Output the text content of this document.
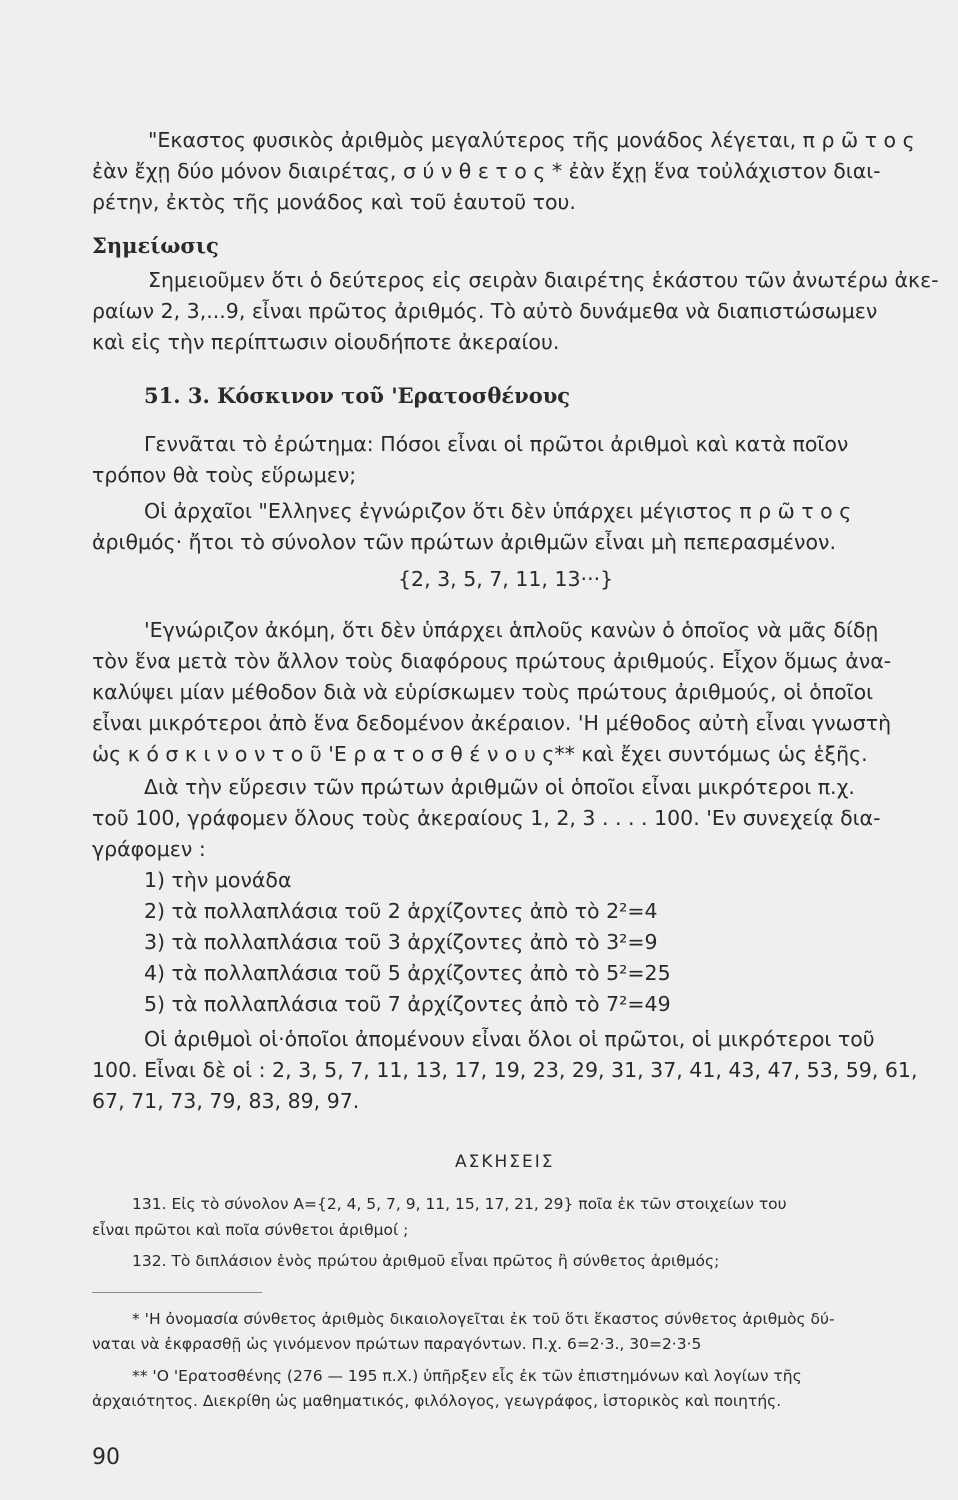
"Εκαστος φυσικὸς ἀριθμὸς μεγαλύτερος τῆς μονάδος λέγεται, π ρ ῶ τ ο ς
ἐὰν ἔχῃ δύο μόνον διαιρέτας, σ ύ ν θ ε τ ο ς * ἐὰν ἔχῃ ἕνα τοὐλάχιστον διαι-
ρέτην, ἐκτὸς τῆς μονάδος καὶ τοῦ ἑαυτοῦ του.
Σημείωσις
Σημειοῦμεν ὅτι ὁ δεύτερος εἰς σειρὰν διαιρέτης ἑκάστου τῶν ἀνωτέρω ἀκε-
ραίων 2, 3,...9, εἶναι πρῶτος ἀριθμός. Τὸ αὐτὸ δυνάμεθα νὰ διαπιστώσωμεν
καὶ εἰς τὴν περίπτωσιν οἱουδήποτε ἀκεραίου.
51. 3. Κόσκινον τοῦ 'Ερατοσθένους
Γεννᾶται τὸ ἐρώτημα: Πόσοι εἶναι οἱ πρῶτοι ἀριθμοὶ καὶ κατὰ ποῖον
τρόπον θὰ τοὺς εὕρωμεν;
Οἱ ἀρχαῖοι "Ελληνες ἐγνώριζον ὅτι δὲν ὑπάρχει μέγιστος π ρ ῶ τ ο ς
ἀριθμός· ἤτοι τὸ σύνολον τῶν πρώτων ἀριθμῶν εἶναι μὴ πεπερασμένον.
{2, 3, 5, 7, 11, 13···}
'Εγνώριζον ἀκόμη, ὅτι δὲν ὑπάρχει ἁπλοῦς κανὼν ὁ ὁποῖος νὰ μᾶς δίδῃ
τὸν ἕνα μετὰ τὸν ἄλλον τοὺς διαφόρους πρώτους ἀριθμούς. Εἶχον ὅμως ἀνα-
καλύψει μίαν μέθοδον διὰ νὰ εὑρίσκωμεν τοὺς πρώτους ἀριθμούς, οἱ ὁποῖοι
εἶναι μικρότεροι ἀπὸ ἕνα δεδομένον ἀκέραιον. 'Η μέθοδος αὐτὴ εἶναι γνωστὴ
ὡς κ ό σ κ ι ν ο ν τ ο ῦ 'Ε ρ α τ ο σ θ έ ν ο υ ς** καὶ ἔχει συντόμως ὡς ἑξῆς.
Διὰ τὴν εὕρεσιν τῶν πρώτων ἀριθμῶν οἱ ὁποῖοι εἶναι μικρότεροι π.χ.
τοῦ 100, γράφομεν ὅλους τοὺς ἀκεραίους 1, 2, 3 . . . . 100. 'Εν συνεχείᾳ δια-
γράφομεν :
1) τὴν μονάδα
2) τὰ πολλαπλάσια τοῦ 2 ἀρχίζοντες ἀπὸ τὸ 2²=4
3) τὰ πολλαπλάσια τοῦ 3 ἀρχίζοντες ἀπὸ τὸ 3²=9
4) τὰ πολλαπλάσια τοῦ 5 ἀρχίζοντες ἀπὸ τὸ 5²=25
5) τὰ πολλαπλάσια τοῦ 7 ἀρχίζοντες ἀπὸ τὸ 7²=49
Οἱ ἀριθμοὶ οἱ·ὁποῖοι ἀπομένουν εἶναι ὅλοι οἱ πρῶτοι, οἱ μικρότεροι τοῦ
100. Εἶναι δὲ οἱ : 2, 3, 5, 7, 11, 13, 17, 19, 23, 29, 31, 37, 41, 43, 47, 53, 59, 61,
67, 71, 73, 79, 83, 89, 97.
ΑΣΚΗΣΕΙΣ
131. Εἰς τὸ σύνολον A={2, 4, 5, 7, 9, 11, 15, 17, 21, 29} ποῖα ἐκ τῶν στοιχείων του
εἶναι πρῶτοι καὶ ποῖα σύνθετοι ἀριθμοί ;
132. Τὸ διπλάσιον ἑνὸς πρώτου ἀριθμοῦ εἶναι πρῶτος ἢ σύνθετος ἀριθμός;
* 'Η ὀνομασία σύνθετος ἀριθμὸς δικαιολογεῖται ἐκ τοῦ ὅτι ἕκαστος σύνθετος ἀριθμὸς δύ-
ναται νὰ ἐκφρασθῇ ὡς γινόμενον πρώτων παραγόντων. Π.χ. 6=2·3., 30=2·3·5
** 'Ο 'Ερατοσθένης (276 — 195 π.Χ.) ὑπῆρξεν εἷς ἐκ τῶν ἐπιστημόνων καὶ λογίων τῆς
ἀρχαιότητος. Διεκρίθη ὡς μαθηματικός, φιλόλογος, γεωγράφος, ἱστορικὸς καὶ ποιητής.
90
